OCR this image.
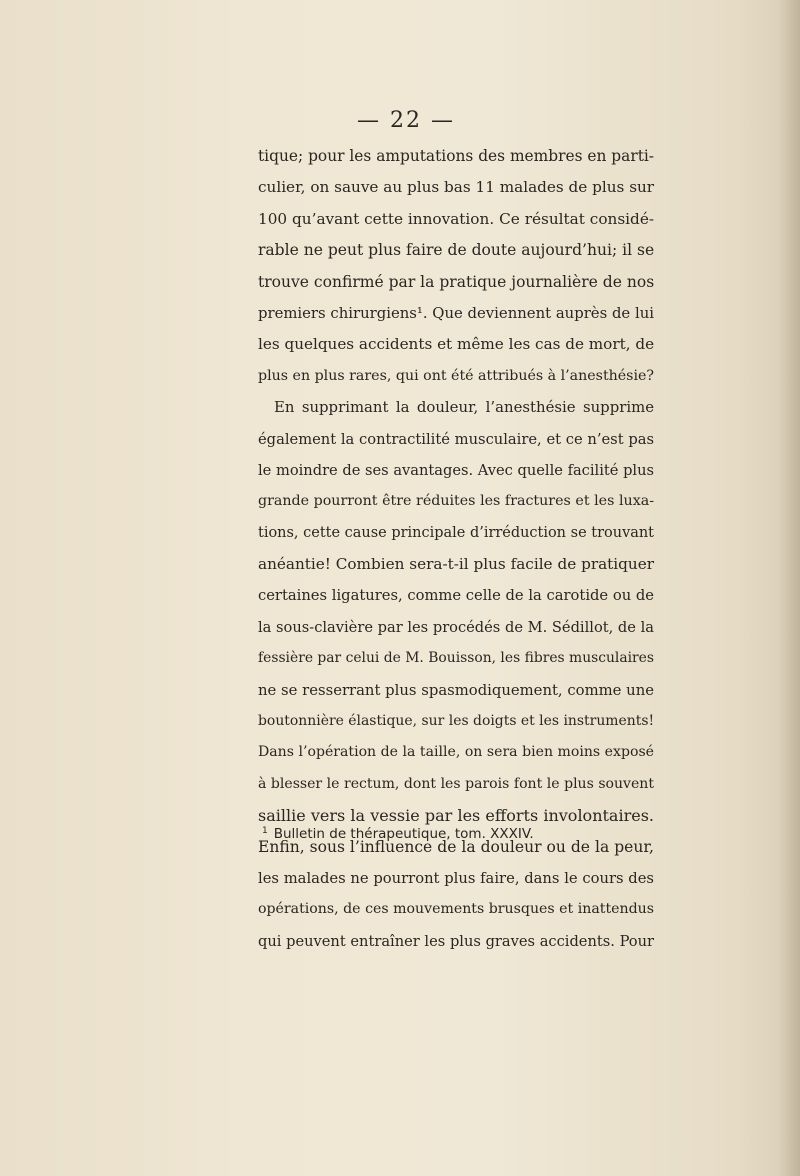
— 22 —
tique; pour les amputations des membres en parti-
culier, on sauve au plus bas 11 malades de plus sur
100 qu’avant cette innovation. Ce résultat considé-
rable ne peut plus faire de doute aujourd’hui; il se
trouve confirmé par la pratique journalière de nos
premiers chirurgiens¹. Que deviennent auprès de lui
les quelques accidents et même les cas de mort, de
plus en plus rares, qui ont été attribués à l’anesthésie?
En supprimant la douleur, l’anesthésie supprime
également la contractilité musculaire, et ce n’est pas
le moindre de ses avantages. Avec quelle facilité plus
grande pourront être réduites les fractures et les luxa-
tions, cette cause principale d’irréduction se trouvant
anéantie! Combien sera-t-il plus facile de pratiquer
certaines ligatures, comme celle de la carotide ou de
la sous-clavière par les procédés de M. Sédillot, de la
fessière par celui de M. Bouisson, les fibres musculaires
ne se resserrant plus spasmodiquement, comme une
boutonnière élastique, sur les doigts et les instruments!
Dans l’opération de la taille, on sera bien moins exposé
à blesser le rectum, dont les parois font le plus souvent
saillie vers la vessie par les efforts involontaires.
Enfin, sous l’influence de la douleur ou de la peur,
les malades ne pourront plus faire, dans le cours des
opérations, de ces mouvements brusques et inattendus
qui peuvent entraîner les plus graves accidents. Pour
$^1$ Bulletin de thérapeutique, tom. XXXIV.
